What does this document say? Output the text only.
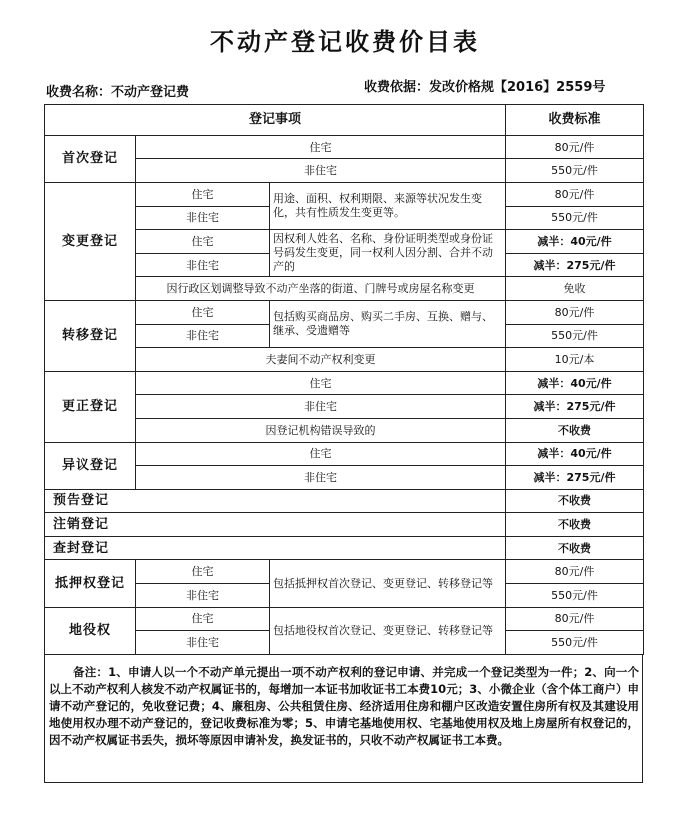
不动产登记收费价目表
收费名称：不动产登记费	收费依据：发改价格规【2016】2559号
登记事项			收费标准
首次登记	住宅		80元/件
	非住宅		550元/件
变更登记	住宅	用途、面积、权利期限、来源等状况发生变化，共有性质发生变更等。	80元/件
	非住宅		550元/件
	住宅	因权利人姓名、名称、身份证明类型或身份证号码发生变更，同一权利人因分割、合并不动产的	减半：40元/件
	非住宅		减半：275元/件
	因行政区划调整导致不动产坐落的街道、门牌号或房屋名称变更		免收
转移登记	住宅	包括购买商品房、购买二手房、互换、赠与、继承、受遗赠等	80元/件
	非住宅		550元/件
	夫妻间不动产权利变更		10元/本
更正登记	住宅		减半：40元/件
	非住宅		减半：275元/件
	因登记机构错误导致的		不收费
异议登记	住宅		减半：40元/件
	非住宅		减半：275元/件
预告登记			不收费
注销登记			不收费
查封登记			不收费
抵押权登记	住宅	包括抵押权首次登记、变更登记、转移登记等	80元/件
	非住宅		550元/件
地役权	住宅	包括地役权首次登记、变更登记、转移登记等	80元/件
	非住宅		550元/件
备注：1、申请人以一个不动产单元提出一项不动产权利的登记申请、并完成一个登记类型为一件；2、向一个以上不动产权利人核发不动产权属证书的，每增加一本证书加收证书工本费10元；3、小微企业（含个体工商户）申请不动产登记的，免收登记费；4、廉租房、公共租赁住房、经济适用住房和棚户区改造安置住房所有权及其建设用地使用权办理不动产登记的，登记收费标准为零；5、申请宅基地使用权、宅基地使用权及地上房屋所有权登记的，因不动产权属证书丢失，损坏等原因申请补发，换发证书的，只收不动产权属证书工本费。
